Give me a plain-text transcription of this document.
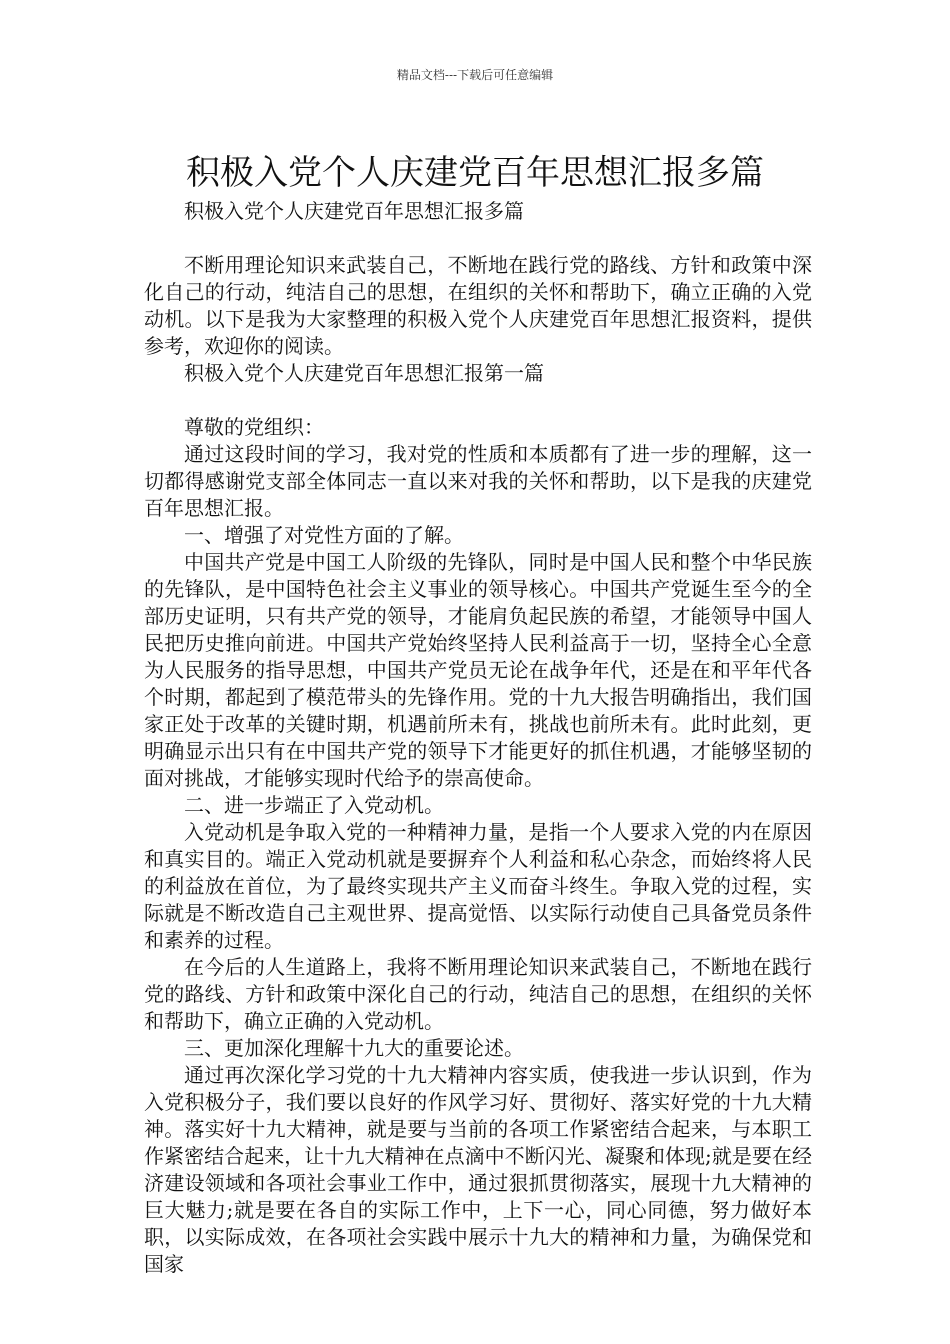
精品文档---下载后可任意编辑
积极入党个人庆建党百年思想汇报多篇

积极入党个人庆建党百年思想汇报多篇

不断用理论知识来武装自己，不断地在践行党的路线、方针和政策中深化自己的行动，纯洁自己的思想，在组织的关怀和帮助下，确立正确的入党动机。以下是我为大家整理的积极入党个人庆建党百年思想汇报资料，提供参考，欢迎你的阅读。

积极入党个人庆建党百年思想汇报第一篇

尊敬的党组织：

通过这段时间的学习，我对党的性质和本质都有了进一步的理解，这一切都得感谢党支部全体同志一直以来对我的关怀和帮助，以下是我的庆建党百年思想汇报。

一、增强了对党性方面的了解。

中国共产党是中国工人阶级的先锋队，同时是中国人民和整个中华民族的先锋队，是中国特色社会主义事业的领导核心。中国共产党诞生至今的全部历史证明，只有共产党的领导，才能肩负起民族的希望，才能领导中国人民把历史推向前进。中国共产党始终坚持人民利益高于一切，坚持全心全意为人民服务的指导思想，中国共产党员无论在战争年代，还是在和平年代各个时期，都起到了模范带头的先锋作用。党的十九大报告明确指出，我们国家正处于改革的关键时期，机遇前所未有，挑战也前所未有。此时此刻，更明确显示出只有在中国共产党的领导下才能更好的抓住机遇，才能够坚韧的面对挑战，才能够实现时代给予的崇高使命。

二、进一步端正了入党动机。

入党动机是争取入党的一种精神力量，是指一个人要求入党的内在原因和真实目的。端正入党动机就是要摒弃个人利益和私心杂念，而始终将人民的利益放在首位，为了最终实现共产主义而奋斗终生。争取入党的过程，实际就是不断改造自己主观世界、提高觉悟、以实际行动使自己具备党员条件和素养的过程。

在今后的人生道路上，我将不断用理论知识来武装自己，不断地在践行党的路线、方针和政策中深化自己的行动，纯洁自己的思想，在组织的关怀和帮助下，确立正确的入党动机。

三、更加深化理解十九大的重要论述。

通过再次深化学习党的十九大精神内容实质，使我进一步认识到，作为入党积极分子，我们要以良好的作风学习好、贯彻好、落实好党的十九大精神。落实好十九大精神，就是要与当前的各项工作紧密结合起来，与本职工作紧密结合起来，让十九大精神在点滴中不断闪光、凝聚和体现;就是要在经济建设领域和各项社会事业工作中，通过狠抓贯彻落实，展现十九大精神的巨大魅力;就是要在各自的实际工作中，上下一心，同心同德，努力做好本职，以实际成效，在各项社会实践中展示十九大的精神和力量，为确保党和国家
